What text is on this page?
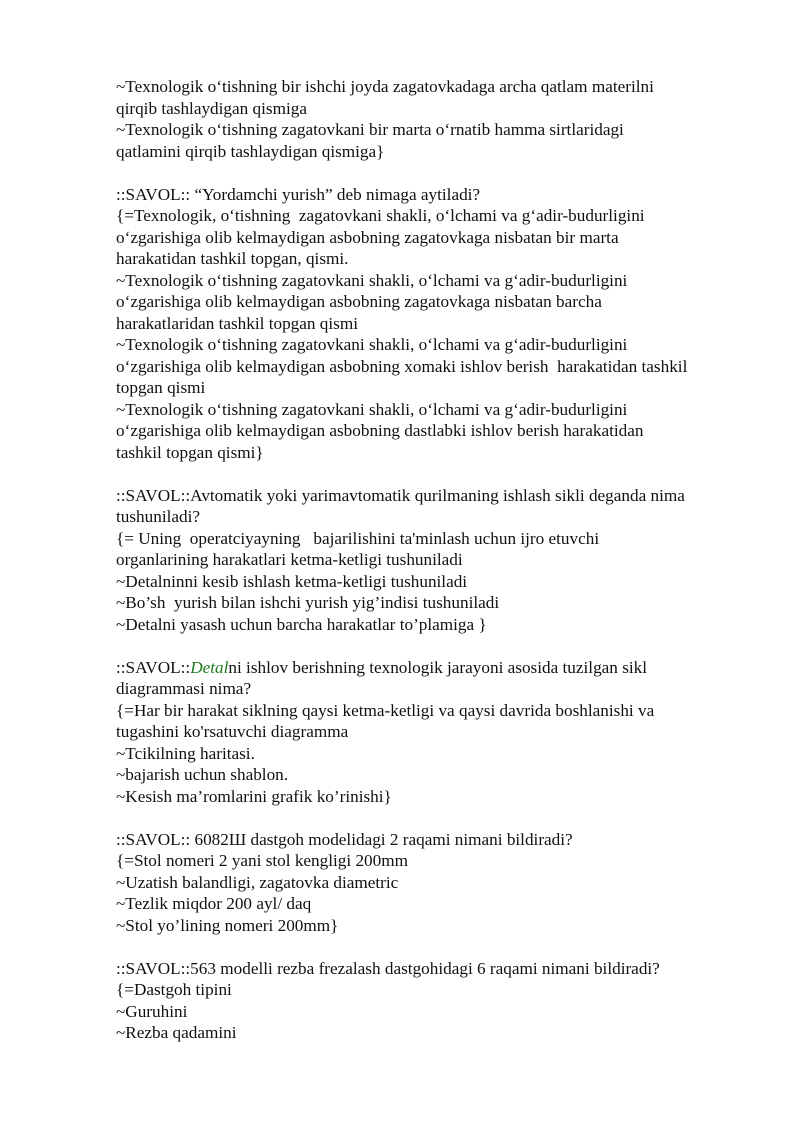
~Texnologik o‘tishning bir ishchi joyda zagatovkadaga archa qatlam materilni
qirqib tashlaydigan qismiga
~Texnologik o‘tishning zagatovkani bir marta o‘rnatib hamma sirtlaridagi
qatlamini qirqib tashlaydigan qismiga}
::SAVOL:: “Yordamchi yurish” deb nimaga aytiladi?
{=Texnologik, o‘tishning  zagatovkani shakli, o‘lchami va g‘adir-budurligini
o‘zgarishiga olib kelmaydigan asbobning zagatovkaga nisbatan bir marta
harakatidan tashkil topgan, qismi.
~Texnologik o‘tishning zagatovkani shakli, o‘lchami va g‘adir-budurligini
o‘zgarishiga olib kelmaydigan asbobning zagatovkaga nisbatan barcha
harakatlaridan tashkil topgan qismi
~Texnologik o‘tishning zagatovkani shakli, o‘lchami va g‘adir-budurligini
o‘zgarishiga olib kelmaydigan asbobning xomaki ishlov berish  harakatidan tashkil
topgan qismi
~Texnologik o‘tishning zagatovkani shakli, o‘lchami va g‘adir-budurligini
o‘zgarishiga olib kelmaydigan asbobning dastlabki ishlov berish harakatidan
tashkil topgan qismi}
::SAVOL::Avtomatik yoki yarimavtomatik qurilmaning ishlash sikli deganda nima
tushuniladi?
{= Uning  operatciyayning   bajarilishini ta'minlash uchun ijro etuvchi
organlarining harakatlari ketma-ketligi tushuniladi
~Detalninni kesib ishlash ketma-ketligi tushuniladi
~Bo’sh  yurish bilan ishchi yurish yig’indisi tushuniladi
~Detalni yasash uchun barcha harakatlar to’plamiga }
::SAVOL::Detalni ishlov berishning texnologik jarayoni asosida tuzilgan sikl
diagrammasi nima?
{=Har bir harakat siklning qaysi ketma-ketligi va qaysi davrida boshlanishi va
tugashini ko'rsatuvchi diagramma
~Tcikilning haritasi.
~bajarish uchun shablon.
~Kesish ma’romlarini grafik ko’rinishi}
::SAVOL:: 6082Ш dastgoh modelidagi 2 raqami nimani bildiradi?
{=Stol nomeri 2 yani stol kengligi 200mm
~Uzatish balandligi, zagatovka diametric
~Tezlik miqdor 200 ayl/ daq
~Stol yo’lining nomeri 200mm}
::SAVOL::563 modelli rezba frezalash dastgohidagi 6 raqami nimani bildiradi?
{=Dastgoh tipini
~Guruhini
~Rezba qadamini
